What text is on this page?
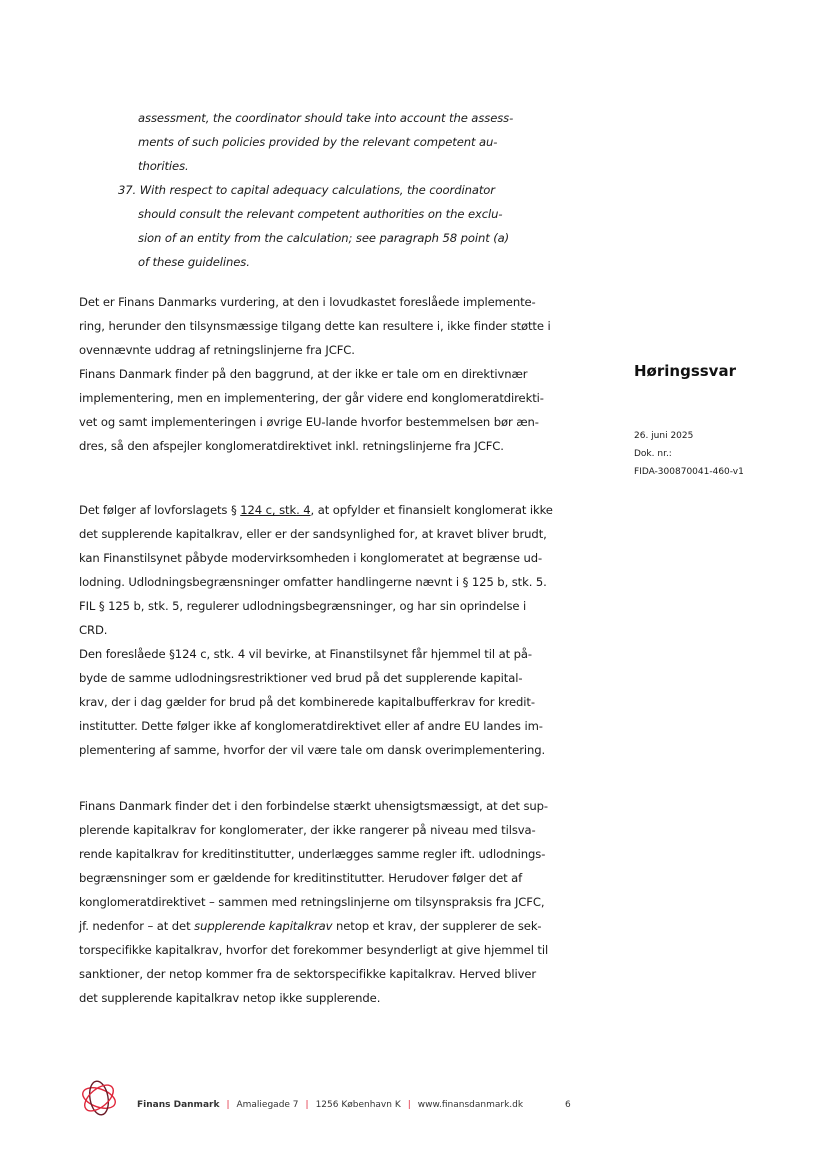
assessment, the coordinator should take into account the assess-
ments of such policies provided by the relevant competent au-
thorities.
37. With respect to capital adequacy calculations, the coordinator
should consult the relevant competent authorities on the exclu-
sion of an entity from the calculation; see paragraph 58 point (a)
of these guidelines.
Det er Finans Danmarks vurdering, at den i lovudkastet foreslåede implemente-
ring, herunder den tilsynsmæssige tilgang dette kan resultere i, ikke finder støtte i
ovennævnte uddrag af retningslinjerne fra JCFC.
Finans Danmark finder på den baggrund, at der ikke er tale om en direktivnær
implementering, men en implementering, der går videre end konglomeratdirekti-
vet og samt implementeringen i øvrige EU-lande hvorfor bestemmelsen bør æn-
dres, så den afspejler konglomeratdirektivet inkl. retningslinjerne fra JCFC.
Det følger af lovforslagets § 124 c, stk. 4, at opfylder et finansielt konglomerat ikke
det supplerende kapitalkrav, eller er der sandsynlighed for, at kravet bliver brudt,
kan Finanstilsynet påbyde modervirksomheden i konglomeratet at begrænse ud-
lodning. Udlodningsbegrænsninger omfatter handlingerne nævnt i § 125 b, stk. 5.
FIL § 125 b, stk. 5, regulerer udlodningsbegrænsninger, og har sin oprindelse i
CRD.
Den foreslåede §124 c, stk. 4 vil bevirke, at Finanstilsynet får hjemmel til at på-
byde de samme udlodningsrestriktioner ved brud på det supplerende kapital-
krav, der i dag gælder for brud på det kombinerede kapitalbufferkrav for kredit-
institutter. Dette følger ikke af konglomeratdirektivet eller af andre EU landes im-
plementering af samme, hvorfor der vil være tale om dansk overimplementering.
Finans Danmark finder det i den forbindelse stærkt uhensigtsmæssigt, at det sup-
plerende kapitalkrav for konglomerater, der ikke rangerer på niveau med tilsva-
rende kapitalkrav for kreditinstitutter, underlægges samme regler ift. udlodnings-
begrænsninger som er gældende for kreditinstitutter. Herudover følger det af
konglomeratdirektivet – sammen med retningslinjerne om tilsynspraksis fra JCFC,
jf. nedenfor – at det supplerende kapitalkrav netop et krav, der supplerer de sek-
torspecifikke kapitalkrav, hvorfor det forekommer besynderligt at give hjemmel til
sanktioner, der netop kommer fra de sektorspecifikke kapitalkrav. Herved bliver
det supplerende kapitalkrav netop ikke supplerende.
Høringssvar
26. juni 2025
Dok. nr.:
FIDA-300870041-460-v1
Finans Danmark | Amaliegade 7 | 1256 København K | www.finansdanmark.dk	6
